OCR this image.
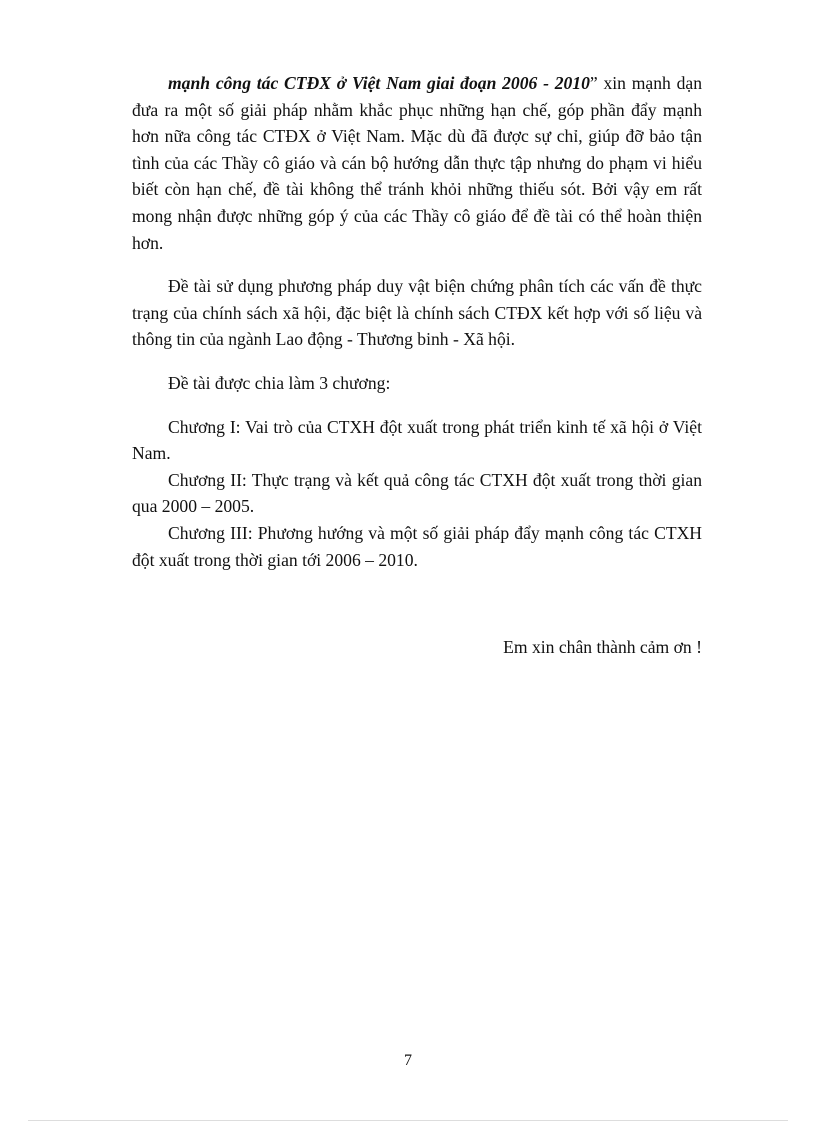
mạnh công tác CTĐX ở Việt Nam giai đoạn 2006 - 2010” xin mạnh dạn đưa ra một số giải pháp nhằm khắc phục những hạn chế, góp phần đẩy mạnh hơn nữa công tác CTĐX ở Việt Nam. Mặc dù đã được sự chỉ, giúp đỡ bảo tận tình của các Thầy cô giáo và cán bộ hướng dẫn thực tập nhưng do phạm vi hiểu biết còn hạn chế, đề tài không thể tránh khỏi những thiếu sót. Bởi vậy em rất mong nhận được những góp ý của các Thầy cô giáo để đề tài có thể hoàn thiện hơn.

Đề tài sử dụng phương pháp duy vật biện chứng phân tích các vấn đề thực trạng của chính sách xã hội, đặc biệt là chính sách CTĐX kết hợp với số liệu và thông tin của ngành Lao động - Thương binh - Xã hội.

Đề tài được chia làm 3 chương:

Chương I: Vai trò của CTXH đột xuất trong phát triển kinh tế xã hội ở Việt Nam.

Chương II: Thực trạng và kết quả công tác CTXH đột xuất trong thời gian qua 2000 – 2005.

Chương III: Phương hướng và một số giải pháp đẩy mạnh công tác CTXH đột xuất trong thời gian tới 2006 – 2010.

Em xin chân thành cảm ơn !
7
